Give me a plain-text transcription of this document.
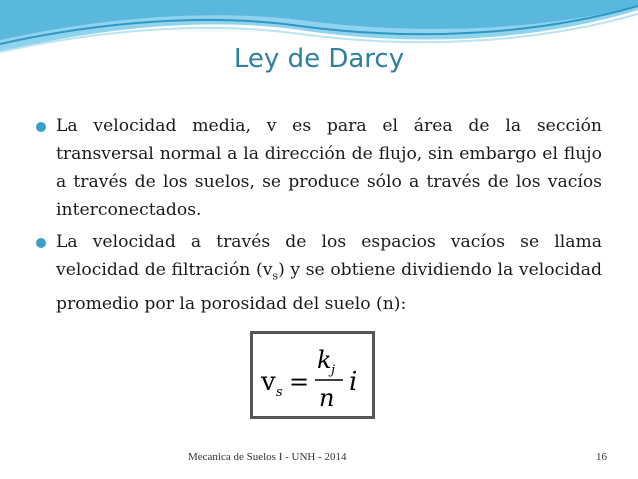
Ley de Darcy
La velocidad media, v es para el área de la sección transversal normal a la dirección de flujo, sin embargo el flujo a través de los suelos, se produce sólo a través de los vacíos interconectados.
La velocidad a través de los espacios vacíos se llama velocidad de filtración $(v_s)$ y se obtiene dividiendo la velocidad promedio por la porosidad del suelo (n):
v s =
k j
n
i
Mecanica de Suelos I - UNH - 2014	16
